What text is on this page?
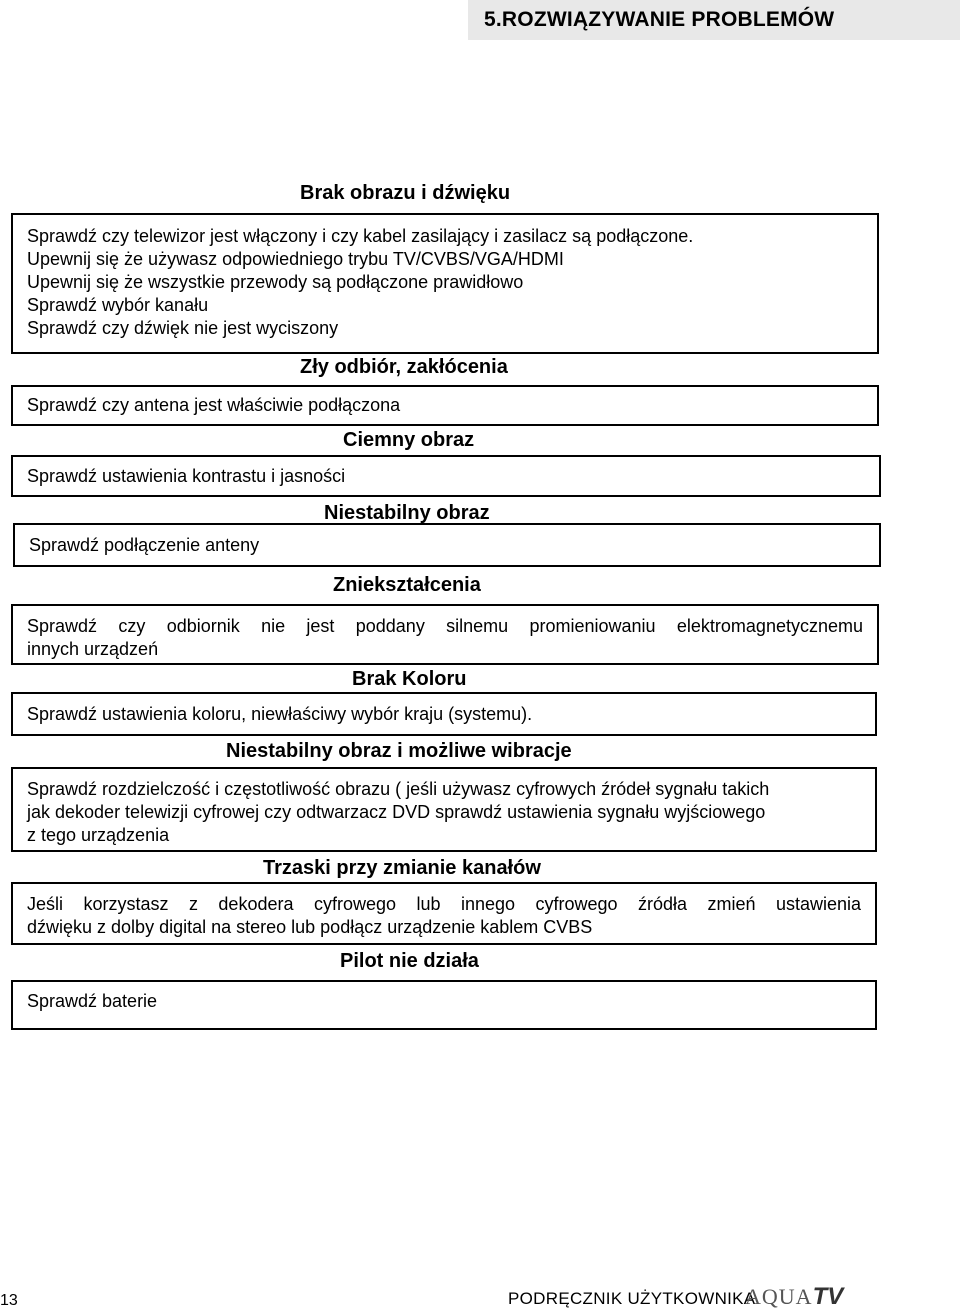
5.ROZWIĄZYWANIE PROBLEMÓW
Brak obrazu i dźwięku

Sprawdź czy telewizor jest włączony i czy kabel zasilający i zasilacz są podłączone.

Upewnij się że używasz odpowiedniego trybu TV/CVBS/VGA/HDMI

Upewnij się że wszystkie przewody są podłączone prawidłowo

Sprawdź wybór kanału

Sprawdź czy dźwięk nie jest wyciszony

Zły odbiór, zakłócenia

Sprawdź czy antena jest właściwie podłączona

Ciemny obraz

Sprawdź ustawienia kontrastu i jasności

Niestabilny obraz

Sprawdź podłączenie anteny

Zniekształcenia

Sprawdź czy odbiornik nie jest poddany silnemu promieniowaniu elektromagnetycznemu

innych urządzeń

Brak Koloru

Sprawdź ustawienia koloru, niewłaściwy wybór kraju (systemu).

Niestabilny obraz i możliwe wibracje

Sprawdź rozdzielczość i częstotliwość obrazu ( jeśli używasz cyfrowych źródeł sygnału takich

jak dekoder telewizji cyfrowej czy odtwarzacz DVD sprawdź ustawienia sygnału wyjściowego

z tego urządzenia

Trzaski przy zmianie kanałów

Jeśli korzystasz z dekodera cyfrowego lub innego cyfrowego źródła zmień ustawienia

dźwięku z dolby digital na stereo lub podłącz urządzenie kablem CVBS

Pilot nie działa

Sprawdź baterie

13	PODRĘCZNIK UŻYTKOWNIKA
AQUATV
